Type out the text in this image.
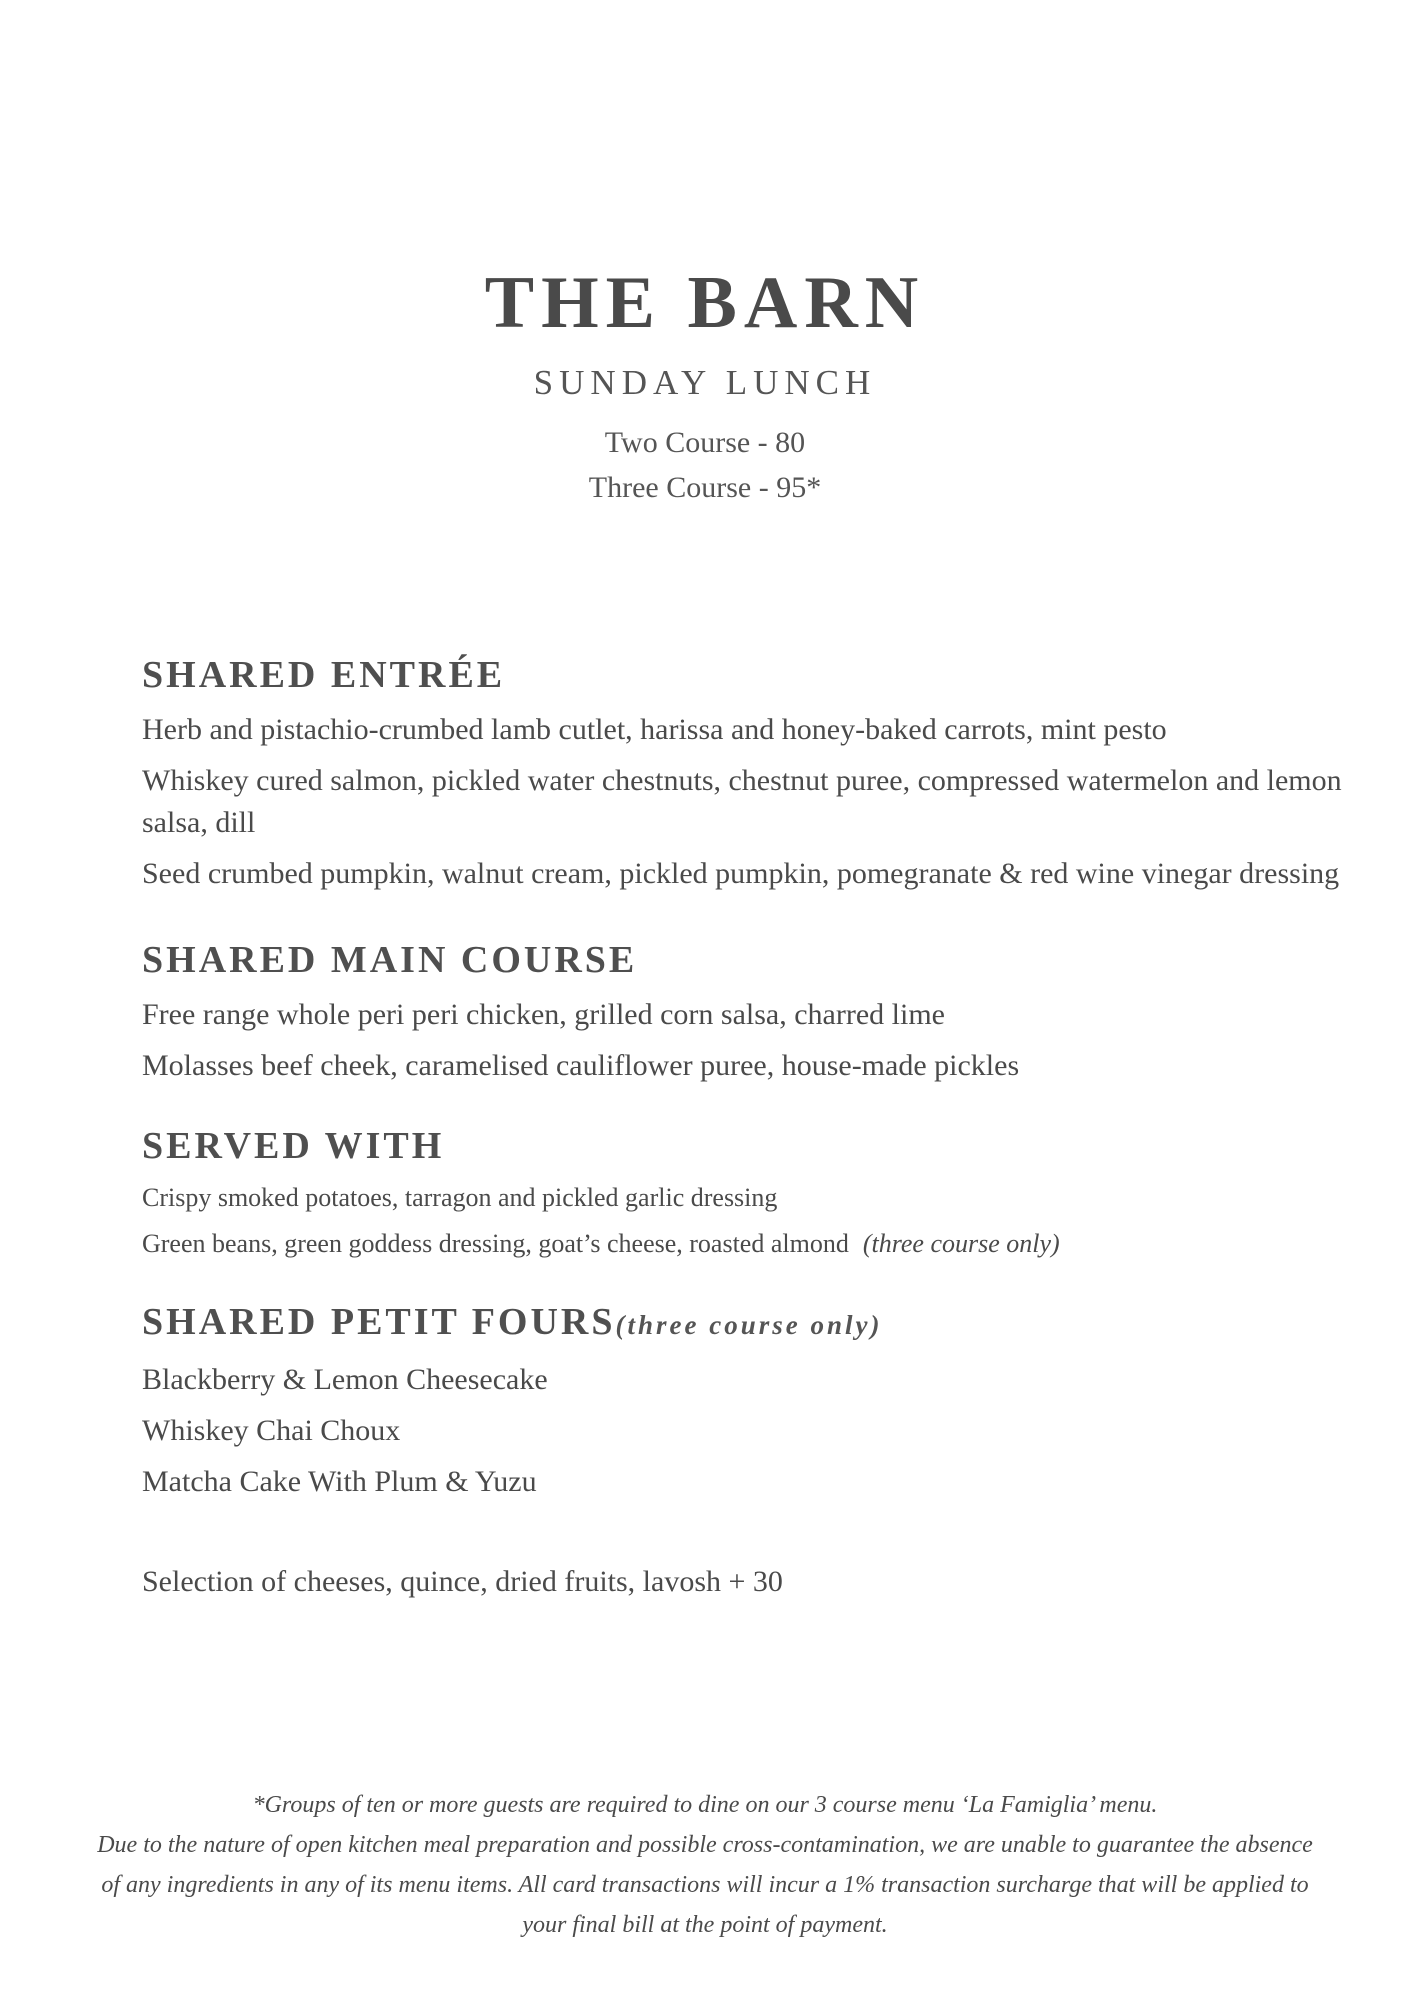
THE BARN
SUNDAY LUNCH
Two Course - 80
Three Course - 95*
SHARED ENTRÉE
Herb and pistachio-crumbed lamb cutlet, harissa and honey-baked carrots, mint pesto
Whiskey cured salmon, pickled water chestnuts, chestnut puree, compressed watermelon and lemon salsa, dill
Seed crumbed pumpkin, walnut cream, pickled pumpkin, pomegranate & red wine vinegar dressing
SHARED MAIN COURSE
Free range whole peri peri chicken, grilled corn salsa, charred lime
Molasses beef cheek, caramelised cauliflower puree, house-made pickles
SERVED WITH
Crispy smoked potatoes, tarragon and pickled garlic dressing
Green beans, green goddess dressing, goat’s cheese, roasted almond (three course only)
SHARED PETIT FOURS(three course only)
Blackberry & Lemon Cheesecake
Whiskey Chai Choux
Matcha Cake With Plum & Yuzu
Selection of cheeses, quince, dried fruits, lavosh + 30
*Groups of ten or more guests are required to dine on our 3 course menu ‘La Famiglia’ menu.
Due to the nature of open kitchen meal preparation and possible cross-contamination, we are unable to guarantee the absence of any ingredients in any of its menu items. All card transactions will incur a 1% transaction surcharge that will be applied to your final bill at the point of payment.
